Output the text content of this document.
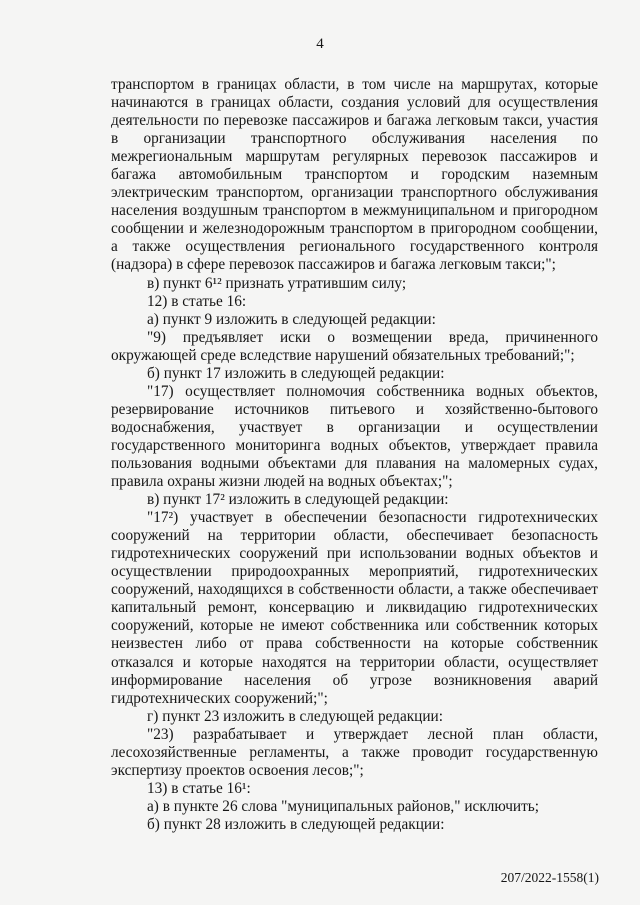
4

транспортом в границах области, в том числе на маршрутах, которые начинаются в границах области, создания условий для осуществления деятельности по перевозке пассажиров и багажа легковым такси, участия в организации транспортного обслуживания населения по межрегиональным маршрутам регулярных перевозок пассажиров и багажа автомобильным транспортом и городским наземным электрическим транспортом, организации транспортного обслуживания населения воздушным транспортом в межмуниципальном и пригородном сообщении и железнодорожным транспортом в пригородном сообщении, а также осуществления регионального государственного контроля (надзора) в сфере перевозок пассажиров и багажа легковым такси;";

в) пункт 6¹² признать утратившим силу;

12) в статье 16:

а) пункт 9 изложить в следующей редакции:

"9) предъявляет иски о возмещении вреда, причиненного окружающей среде вследствие нарушений обязательных требований;";

б) пункт 17 изложить в следующей редакции:

"17) осуществляет полномочия собственника водных объектов, резервирование источников питьевого и хозяйственно-бытового водоснабжения, участвует в организации и осуществлении государственного мониторинга водных объектов, утверждает правила пользования водными объектами для плавания на маломерных судах, правила охраны жизни людей на водных объектах;";

в) пункт 17² изложить в следующей редакции:

"17²) участвует в обеспечении безопасности гидротехнических сооружений на территории области, обеспечивает безопасность гидротехнических сооружений при использовании водных объектов и осуществлении природоохранных мероприятий, гидротехнических сооружений, находящихся в собственности области, а также обеспечивает капитальный ремонт, консервацию и ликвидацию гидротехнических сооружений, которые не имеют собственника или собственник которых неизвестен либо от права собственности на которые собственник отказался и которые находятся на территории области, осуществляет информирование населения об угрозе возникновения аварий гидротехнических сооружений;";

г) пункт 23 изложить в следующей редакции:

"23) разрабатывает и утверждает лесной план области, лесохозяйственные регламенты, а также проводит государственную экспертизу проектов освоения лесов;";

13) в статье 16¹:

а) в пункте 26 слова "муниципальных районов," исключить;

б) пункт 28 изложить в следующей редакции:

207/2022-1558(1)
